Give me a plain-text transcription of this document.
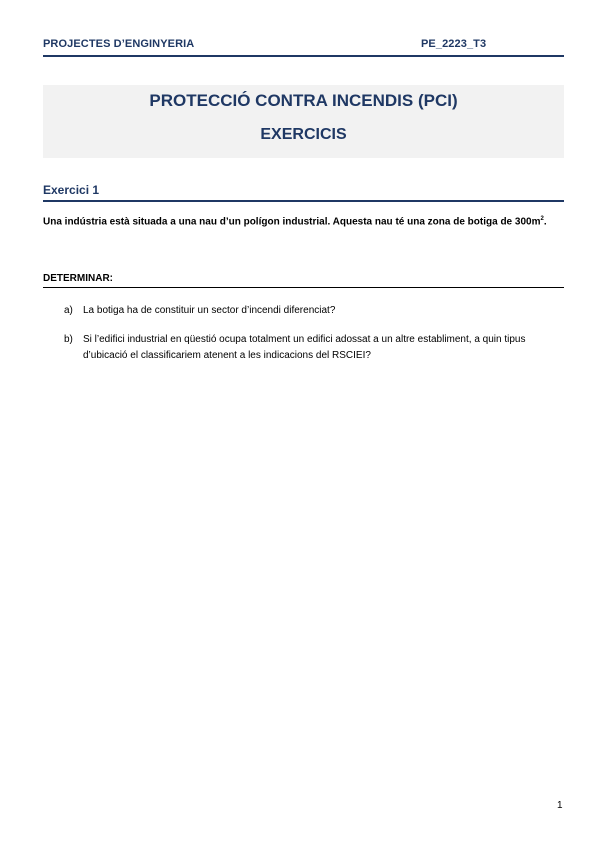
PROJECTES D’ENGINYERIA	PE_2223_T3
PROTECCIÓ CONTRA INCENDIS (PCI)
EXERCICIS
Exercici 1
Una indústria està situada a una nau d’un polígon industrial. Aquesta nau té una zona de botiga de $300m^2$.
DETERMINAR:
a) La botiga ha de constituir un sector d’incendi diferenciat?
b) Si l’edifici industrial en qüestió ocupa totalment un edifici adossat a un altre establiment, a quin tipus d’ubicació el classificariem atenent a les indicacions del RSCIEI?
1
